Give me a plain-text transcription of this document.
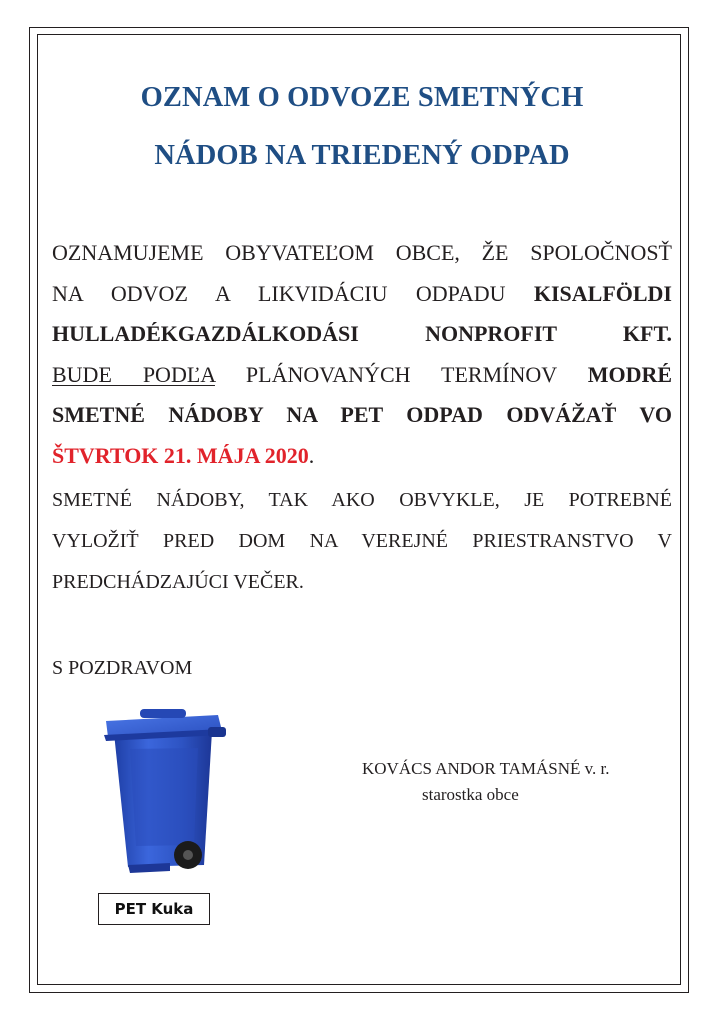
OZNAM O ODVOZE SMETNÝCH
NÁDOB NA TRIEDENÝ ODPAD
OZNAMUJEME OBYVATEĽOM OBCE, ŽE SPOLOČNOSŤ
NA ODVOZ A LIKVIDÁCIU ODPADU KISALFÖLDI
HULLADÉKGAZDÁLKODÁSI NONPROFIT KFT.
BUDE PODĽA PLÁNOVANÝCH TERMÍNOV MODRÉ
SMETNÉ NÁDOBY NA PET ODPAD ODVÁŽAŤ VO
ŠTVRTOK 21. MÁJA 2020.
SMETNÉ NÁDOBY, TAK AKO OBVYKLE, JE POTREBNÉ
VYLOŽIŤ PRED DOM NA VEREJNÉ PRIESTRANSTVO V
PREDCHÁDZAJÚCI VEČER.
S POZDRAVOM
PET Kuka
KOVÁCS ANDOR TAMÁSNÉ v. r.
starostka obce
